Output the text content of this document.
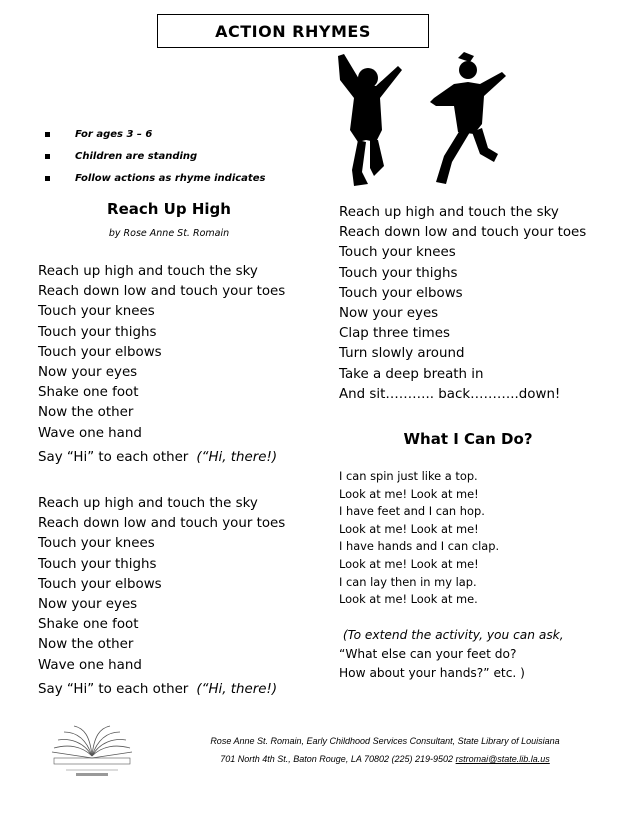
ACTION RHYMES
For ages 3 – 6
Children are standing
Follow actions as rhyme indicates
Reach Up High
by Rose Anne St. Romain
Reach up high and touch the sky
Reach down low and touch your toes
Touch your knees
Touch your thighs
Touch your elbows
Now your eyes
Shake one foot
Now the other
Wave one hand
Say “Hi” to each other (“Hi, there!)
Reach up high and touch the sky
Reach down low and touch your toes
Touch your knees
Touch your thighs
Touch your elbows
Now your eyes
Shake one foot
Now the other
Wave one hand
Say “Hi” to each other (“Hi, there!)
Reach up high and touch the sky
Reach down low and touch your toes
Touch your knees
Touch your thighs
Touch your elbows
Now your eyes
Clap three times
Turn slowly around
Take a deep breath in
And sit……….. back………..down!
What I Can Do?
I can spin just like a top.
Look at me! Look at me!
I have feet and I can hop.
Look at me! Look at me!
I have hands and I can clap.
Look at me! Look at me!
I can lay then in my lap.
Look at me! Look at me.
(To extend the activity, you can ask,
“What else can your feet do?
How about your hands?” etc. )
Rose Anne St. Romain, Early Childhood Services Consultant, State Library of Louisiana
701 North 4th St., Baton Rouge, LA 70802 (225) 219-9502 rstromai@state.lib.la.us
